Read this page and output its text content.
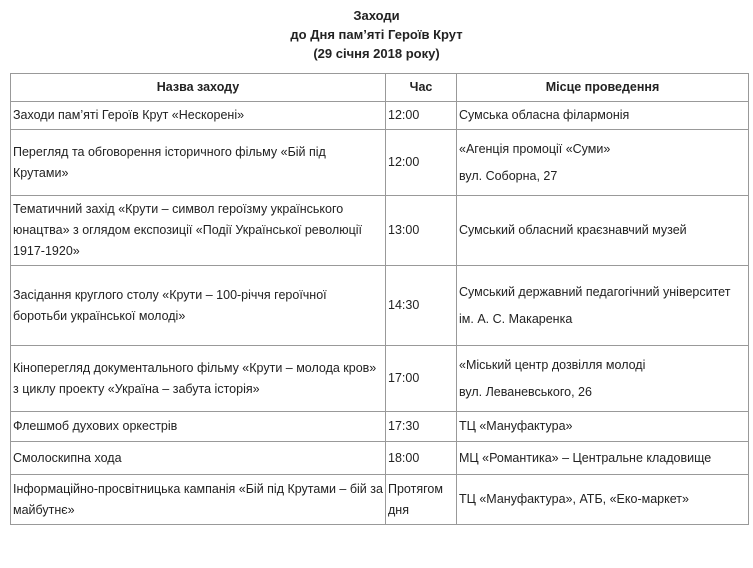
Заходи
до Дня пам’яті Героїв Крут
(29 січня 2018 року)
Назва заходу	Час	Місце проведення
Заходи пам’яті Героїв Крут «Нескорені»	12:00	Сумська обласна філармонія

Перегляд та обговорення історичного фільму «Бій під Крутами»	12:00	«Агенція промоції «Суми»
вул. Соборна, 27

Тематичний захід «Крути – символ героїзму українського юнацтва» з оглядом експозиції «Події Української революції 1917-1920»	13:00	Сумський обласний краєзнавчий музей

Засідання круглого столу «Крути – 100-річчя героїчної боротьби української молоді»	14:30	Сумський державний педагогічний університет
ім. А. С. Макаренка

Кіноперегляд документального фільму «Крути – молода кров» з циклу проекту «Україна – забута історія»	17:00	«Міський центр дозвілля молоді
вул. Леваневського, 26

Флешмоб духових оркестрів	17:30	ТЦ «Мануфактура»

Смолоскипна хода	18:00	МЦ «Романтика» – Центральне кладовище

Інформаційно-просвітницька кампанія «Бій під Крутами – бій за майбутнє»	Протягом дня	ТЦ «Мануфактура», АТБ, «Еко-маркет»
